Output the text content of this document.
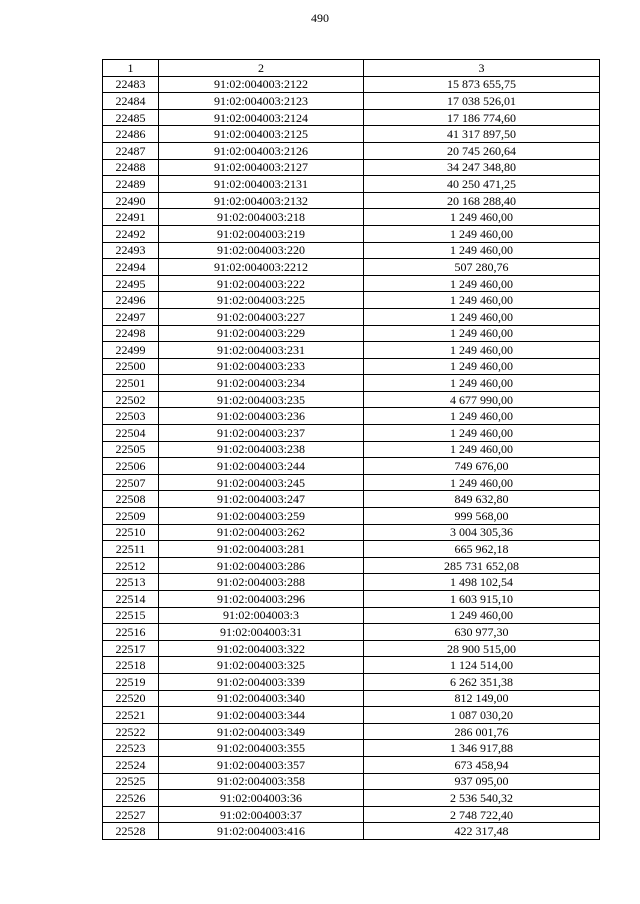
490
1	2	3
22483	91:02:004003:2122	15 873 655,75
22484	91:02:004003:2123	17 038 526,01
22485	91:02:004003:2124	17 186 774,60
22486	91:02:004003:2125	41 317 897,50
22487	91:02:004003:2126	20 745 260,64
22488	91:02:004003:2127	34 247 348,80
22489	91:02:004003:2131	40 250 471,25
22490	91:02:004003:2132	20 168 288,40
22491	91:02:004003:218	1 249 460,00
22492	91:02:004003:219	1 249 460,00
22493	91:02:004003:220	1 249 460,00
22494	91:02:004003:2212	507 280,76
22495	91:02:004003:222	1 249 460,00
22496	91:02:004003:225	1 249 460,00
22497	91:02:004003:227	1 249 460,00
22498	91:02:004003:229	1 249 460,00
22499	91:02:004003:231	1 249 460,00
22500	91:02:004003:233	1 249 460,00
22501	91:02:004003:234	1 249 460,00
22502	91:02:004003:235	4 677 990,00
22503	91:02:004003:236	1 249 460,00
22504	91:02:004003:237	1 249 460,00
22505	91:02:004003:238	1 249 460,00
22506	91:02:004003:244	749 676,00
22507	91:02:004003:245	1 249 460,00
22508	91:02:004003:247	849 632,80
22509	91:02:004003:259	999 568,00
22510	91:02:004003:262	3 004 305,36
22511	91:02:004003:281	665 962,18
22512	91:02:004003:286	285 731 652,08
22513	91:02:004003:288	1 498 102,54
22514	91:02:004003:296	1 603 915,10
22515	91:02:004003:3	1 249 460,00
22516	91:02:004003:31	630 977,30
22517	91:02:004003:322	28 900 515,00
22518	91:02:004003:325	1 124 514,00
22519	91:02:004003:339	6 262 351,38
22520	91:02:004003:340	812 149,00
22521	91:02:004003:344	1 087 030,20
22522	91:02:004003:349	286 001,76
22523	91:02:004003:355	1 346 917,88
22524	91:02:004003:357	673 458,94
22525	91:02:004003:358	937 095,00
22526	91:02:004003:36	2 536 540,32
22527	91:02:004003:37	2 748 722,40
22528	91:02:004003:416	422 317,48
